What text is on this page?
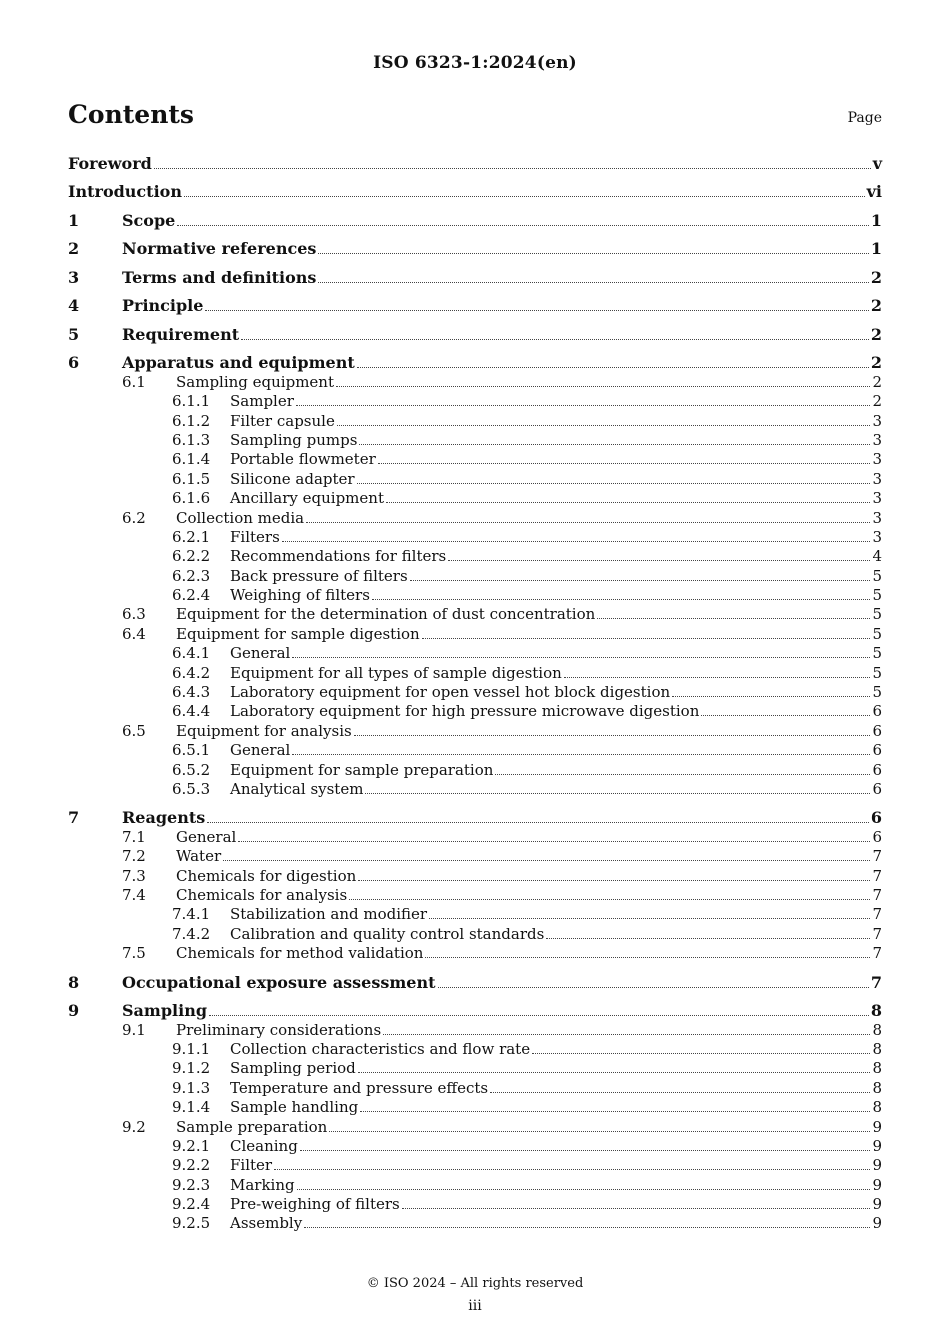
ISO 6323-1:2024(en)
Contents	Page
Foreword	v
Introduction	vi
1	Scope	1
2	Normative references	1
3	Terms and definitions	2
4	Principle	2
5	Requirement	2
6	Apparatus and equipment	2
6.1	Sampling equipment	2
6.1.1	Sampler	2
6.1.2	Filter capsule	3
6.1.3	Sampling pumps	3
6.1.4	Portable flowmeter	3
6.1.5	Silicone adapter	3
6.1.6	Ancillary equipment	3
6.2	Collection media	3
6.2.1	Filters	3
6.2.2	Recommendations for filters	4
6.2.3	Back pressure of filters	5
6.2.4	Weighing of filters	5
6.3	Equipment for the determination of dust concentration	5
6.4	Equipment for sample digestion	5
6.4.1	General	5
6.4.2	Equipment for all types of sample digestion	5
6.4.3	Laboratory equipment for open vessel hot block digestion	5
6.4.4	Laboratory equipment for high pressure microwave digestion	6
6.5	Equipment for analysis	6
6.5.1	General	6
6.5.2	Equipment for sample preparation	6
6.5.3	Analytical system	6
7	Reagents	6
7.1	General	6
7.2	Water	7
7.3	Chemicals for digestion	7
7.4	Chemicals for analysis	7
7.4.1	Stabilization and modifier	7
7.4.2	Calibration and quality control standards	7
7.5	Chemicals for method validation	7
8	Occupational exposure assessment	7
9	Sampling	8
9.1	Preliminary considerations	8
9.1.1	Collection characteristics and flow rate	8
9.1.2	Sampling period	8
9.1.3	Temperature and pressure effects	8
9.1.4	Sample handling	8
9.2	Sample preparation	9
9.2.1	Cleaning	9
9.2.2	Filter	9
9.2.3	Marking	9
9.2.4	Pre-weighing of filters	9
9.2.5	Assembly	9
© ISO 2024 – All rights reserved
iii
